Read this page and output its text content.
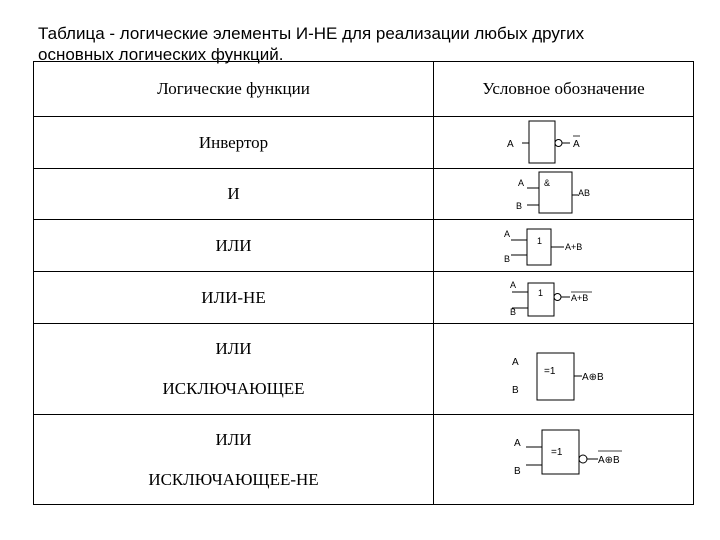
Таблица - логические элементы И-НЕ для реализации любых других
основных логических функций.

Логические функции
Инвертор
И
ИЛИ
ИЛИ-НЕ
ИЛИ
ИСКЛЮЧАЮЩЕЕ
ИЛИ
ИСКЛЮЧАЮЩЕЕ-НЕ
Условное обозначение
A	A
A
B
&
AB
A
B
1
A+B
A
B
1	A+B
A
B
=1
A⊕B
A
B
=1
A⊕B
